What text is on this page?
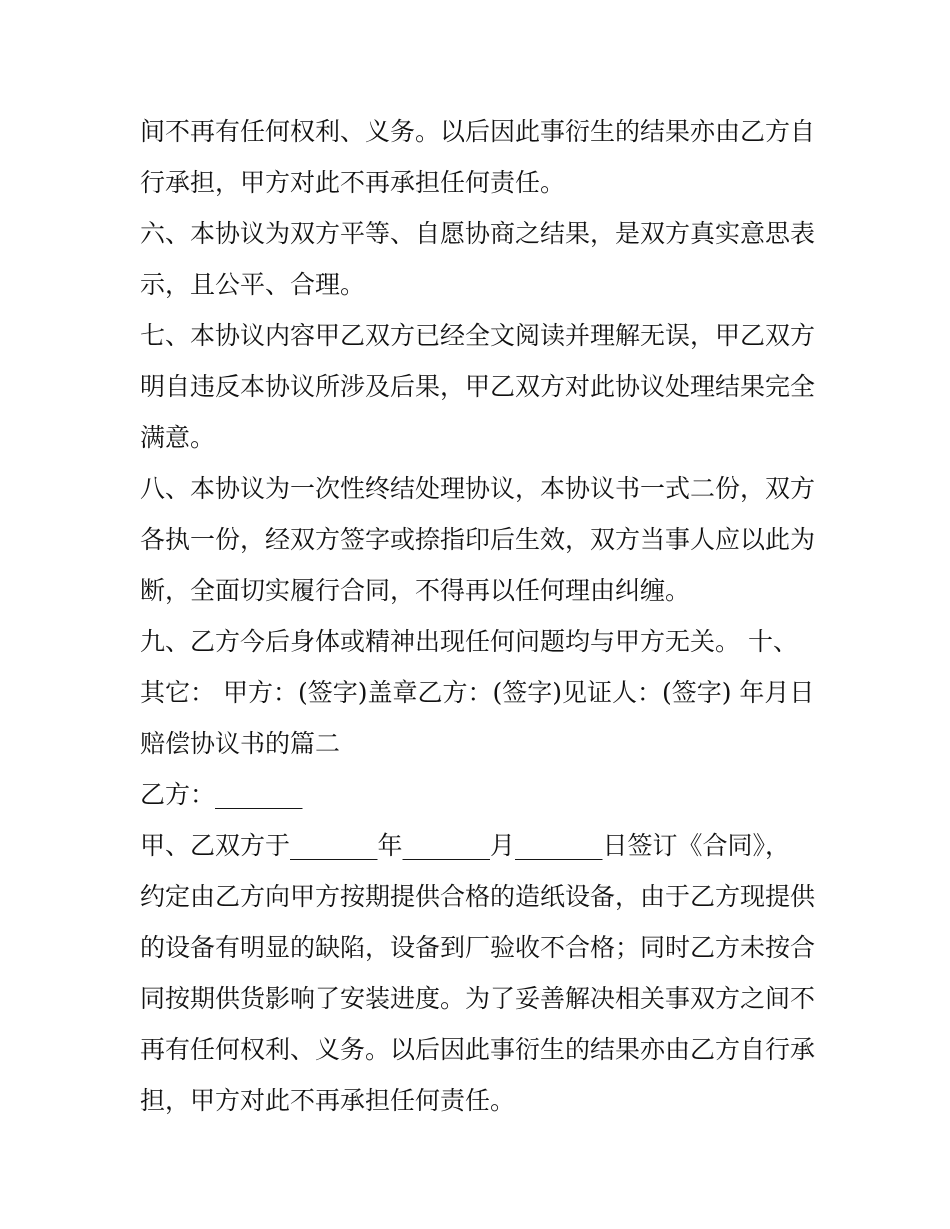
间不再有任何权利、义务。以后因此事衍生的结果亦由乙方自
行承担，甲方对此不再承担任何责任。
六、本协议为双方平等、自愿协商之结果，是双方真实意思表
示，且公平、合理。
七、本协议内容甲乙双方已经全文阅读并理解无误，甲乙双方
明自违反本协议所涉及后果，甲乙双方对此协议处理结果完全
满意。
八、本协议为一次性终结处理协议，本协议书一式二份，双方
各执一份，经双方签字或捺指印后生效，双方当事人应以此为
断，全面切实履行合同，不得再以任何理由纠缠。
九、乙方今后身体或精神出现任何问题均与甲方无关。 十、
其它： 甲方：(签字)盖章乙方：(签字)见证人：(签字) 年月日
赔偿协议书的篇二
乙方：_______
甲、乙双方于_______年_______月_______日签订《合同》，
约定由乙方向甲方按期提供合格的造纸设备，由于乙方现提供
的设备有明显的缺陷，设备到厂验收不合格；同时乙方未按合
同按期供货影响了安装进度。为了妥善解决相关事双方之间不
再有任何权利、义务。以后因此事衍生的结果亦由乙方自行承
担，甲方对此不再承担任何责任。
